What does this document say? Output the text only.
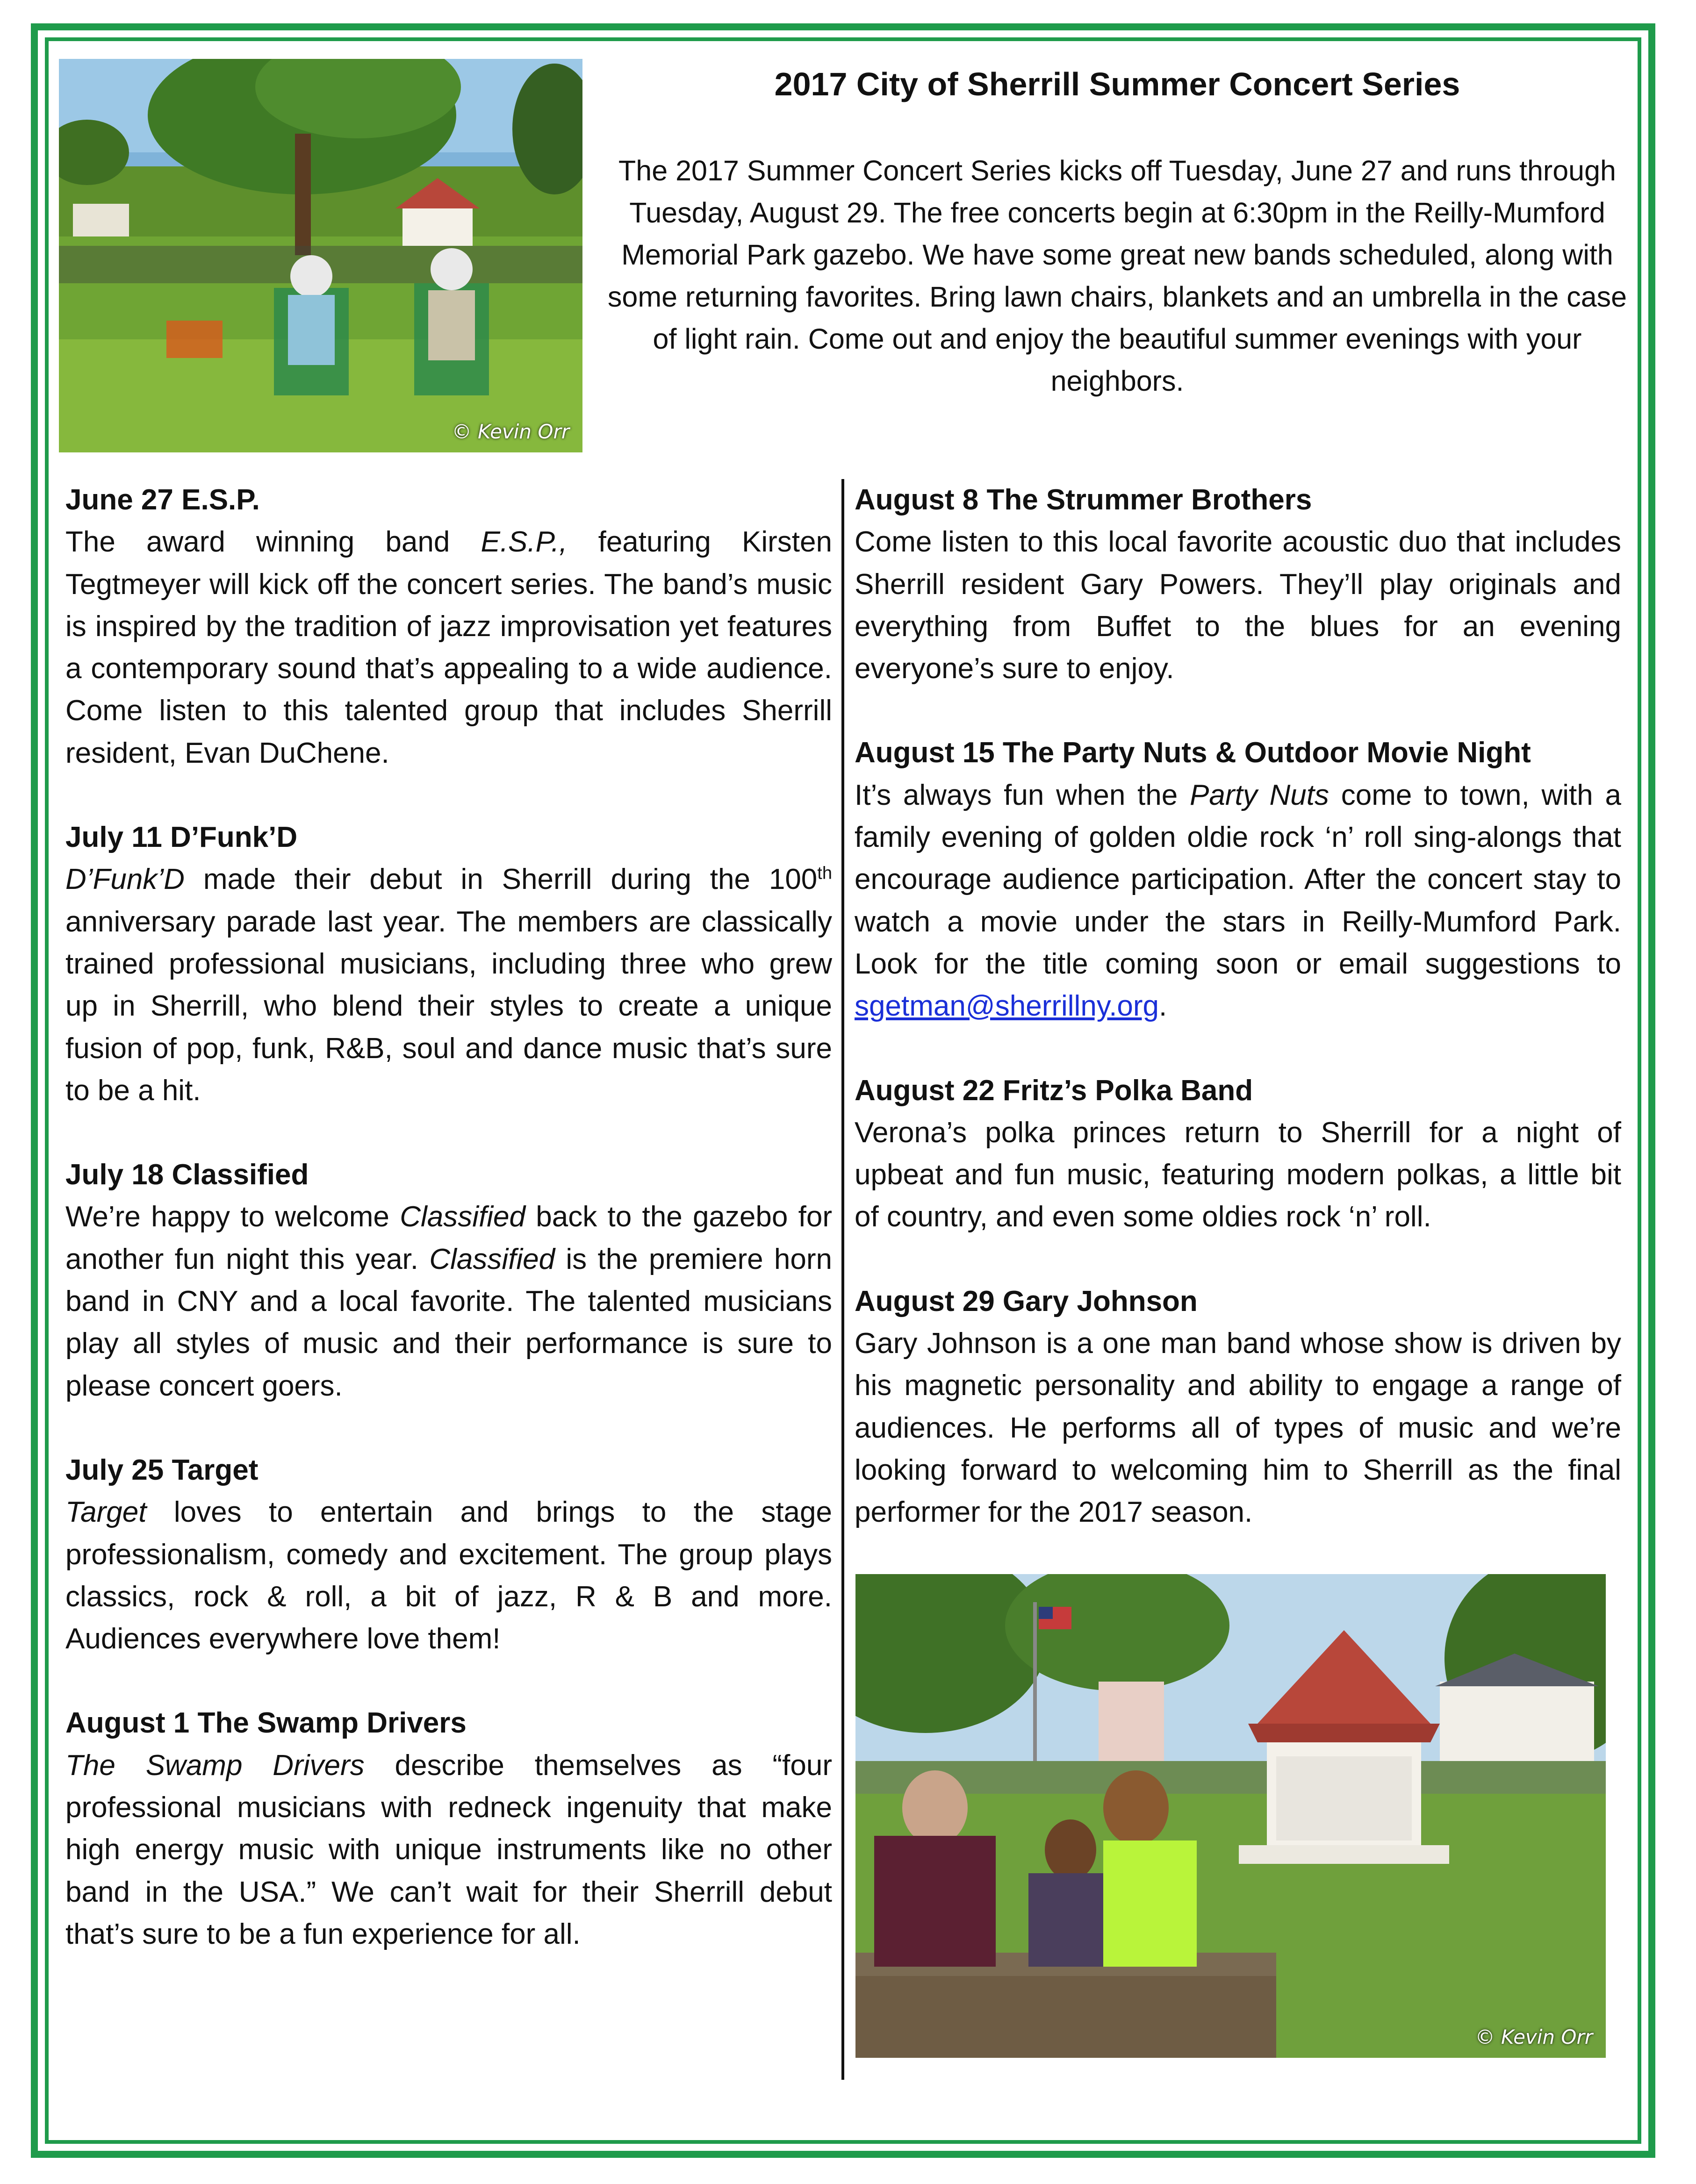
© Kevin Orr
2017 City of Sherrill Summer Concert Series

The 2017 Summer Concert Series kicks off Tuesday, June 27 and runs through Tuesday, August 29. The free concerts begin at 6:30pm in the Reilly-Mumford Memorial Park gazebo. We have some great new bands scheduled, along with some returning favorites. Bring lawn chairs, blankets and an umbrella in the case of light rain. Come out and enjoy the beautiful summer evenings with your neighbors.

June 27 E.S.P.

The award winning band E.S.P., featuring Kirsten Tegtmeyer will kick off the concert series. The band’s music is inspired by the tradition of jazz improvisation yet features a contemporary sound that’s appealing to a wide audience. Come listen to this talented group that includes Sherrill resident, Evan DuChene.

July 11 D’Funk’D

D’Funk’D made their debut in Sherrill during the 100th anniversary parade last year. The members are classically trained professional musicians, including three who grew up in Sherrill, who blend their styles to create a unique fusion of pop, funk, R&B, soul and dance music that’s sure to be a hit.

July 18 Classified

We’re happy to welcome Classified back to the gazebo for another fun night this year. Classified is the premiere horn band in CNY and a local favorite. The talented musicians play all styles of music and their performance is sure to please concert goers.

July 25 Target

Target loves to entertain and brings to the stage professionalism, comedy and excitement. The group plays classics, rock & roll, a bit of jazz, R & B and more. Audiences everywhere love them!

August 1 The Swamp Drivers

The Swamp Drivers describe themselves as “four professional musicians with redneck ingenuity that make high energy music with unique instruments like no other band in the USA.” We can’t wait for their Sherrill debut that’s sure to be a fun experience for all.

August 8 The Strummer Brothers

Come listen to this local favorite acoustic duo that includes Sherrill resident Gary Powers. They’ll play originals and everything from Buffet to the blues for an evening everyone’s sure to enjoy.

August 15 The Party Nuts & Outdoor Movie Night

It’s always fun when the Party Nuts come to town, with a family evening of golden oldie rock ‘n’ roll sing-alongs that encourage audience participation. After the concert stay to watch a movie under the stars in Reilly-Mumford Park. Look for the title coming soon or email suggestions to sgetman@sherrillny.org.

August 22 Fritz’s Polka Band

Verona’s polka princes return to Sherrill for a night of upbeat and fun music, featuring modern polkas, a little bit of country, and even some oldies rock ‘n’ roll.

August 29 Gary Johnson

Gary Johnson is a one man band whose show is driven by his magnetic personality and ability to engage a range of audiences. He performs all of types of music and we’re looking forward to welcoming him to Sherrill as the final performer for the 2017 season.

© Kevin Orr
